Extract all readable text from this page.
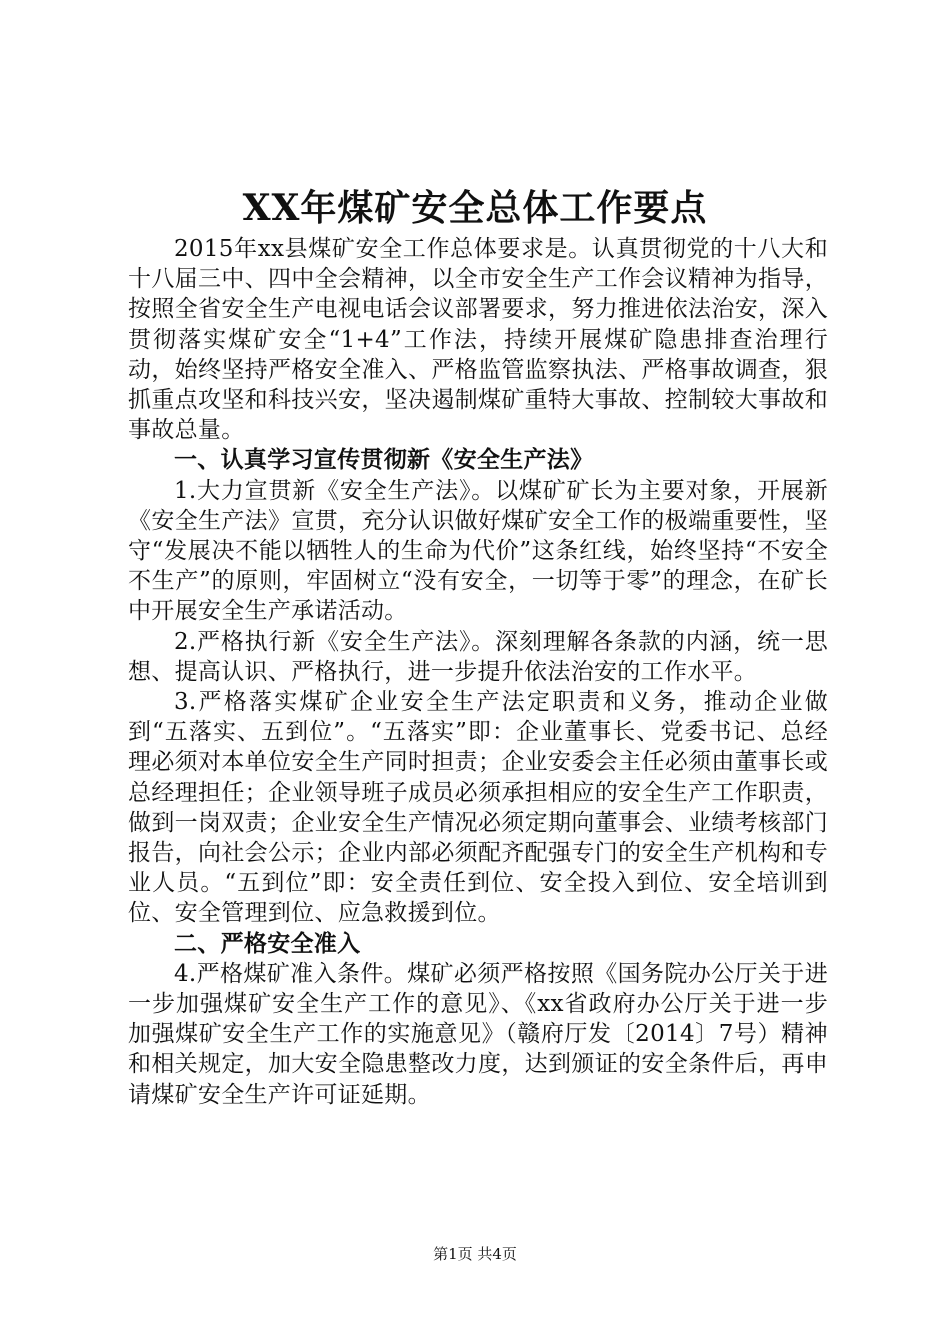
XX年煤矿安全总体工作要点

2015年xx县煤矿安全工作总体要求是。认真贯彻党的十八大和十八届三中、四中全会精神，以全市安全生产工作会议精神为指导，按照全省安全生产电视电话会议部署要求，努力推进依法治安，深入贯彻落实煤矿安全“1+4”工作法，持续开展煤矿隐患排查治理行动，始终坚持严格安全准入、严格监管监察执法、严格事故调查，狠抓重点攻坚和科技兴安，坚决遏制煤矿重特大事故、控制较大事故和事故总量。

一、认真学习宣传贯彻新《安全生产法》

1.大力宣贯新《安全生产法》。以煤矿矿长为主要对象，开展新《安全生产法》宣贯，充分认识做好煤矿安全工作的极端重要性，坚守“发展决不能以牺牲人的生命为代价”这条红线，始终坚持“不安全不生产”的原则，牢固树立“没有安全，一切等于零”的理念，在矿长中开展安全生产承诺活动。

2.严格执行新《安全生产法》。深刻理解各条款的内涵，统一思想、提高认识、严格执行，进一步提升依法治安的工作水平。

3.严格落实煤矿企业安全生产法定职责和义务，推动企业做到“五落实、五到位”。“五落实”即：企业董事长、党委书记、总经理必须对本单位安全生产同时担责；企业安委会主任必须由董事长或总经理担任；企业领导班子成员必须承担相应的安全生产工作职责，做到一岗双责；企业安全生产情况必须定期向董事会、业绩考核部门报告，向社会公示；企业内部必须配齐配强专门的安全生产机构和专业人员。“五到位”即：安全责任到位、安全投入到位、安全培训到位、安全管理到位、应急救援到位。

二、严格安全准入

4.严格煤矿准入条件。煤矿必须严格按照《国务院办公厅关于进一步加强煤矿安全生产工作的意见》、《xx省政府办公厅关于进一步加强煤矿安全生产工作的实施意见》（赣府厅发〔2014〕7号）精神和相关规定，加大安全隐患整改力度，达到颁证的安全条件后，再申请煤矿安全生产许可证延期。

第1页 共4页
